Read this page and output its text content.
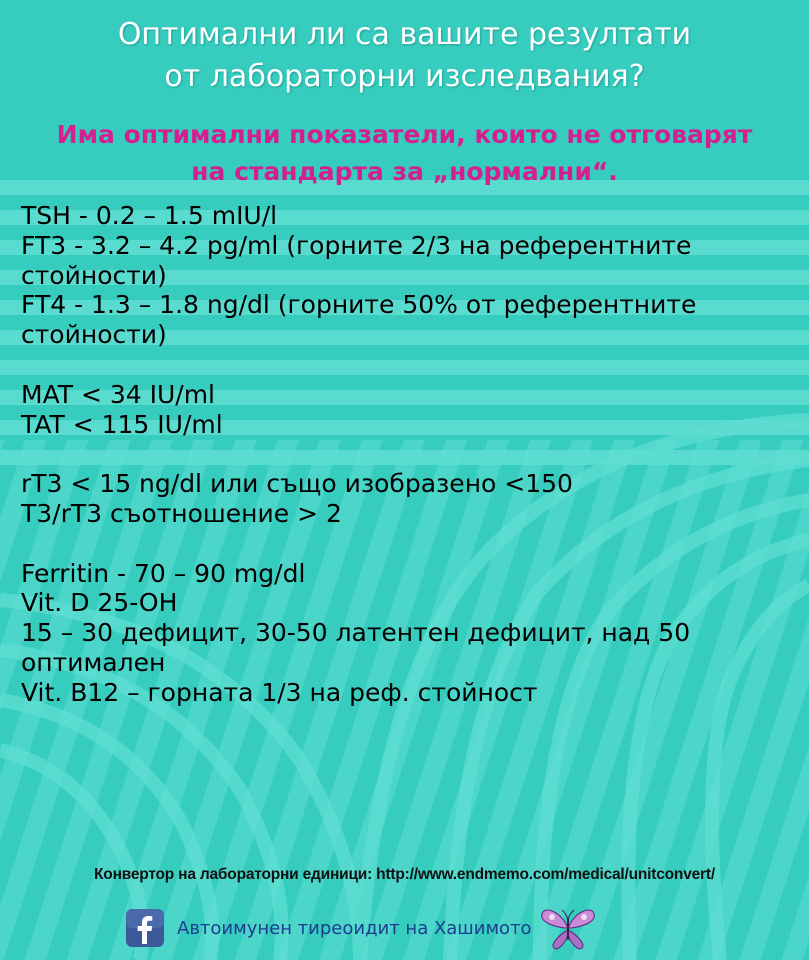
Оптимални ли са вашите резултати
от лабораторни изследвания?
Има оптимални показатели, които не отговарят
на стандарта за „нормални“.
TSH - 0.2 – 1.5 mIU/l
FT3 - 3.2 – 4.2 pg/ml (горните 2/3 на референтните
стойности)
FT4 - 1.3 – 1.8 ng/dl (горните 50% от референтните
стойности)
MAT < 34 IU/ml
TAT < 115 IU/ml
rT3 < 15 ng/dl или също изобразено <150
T3/rT3 съотношение > 2
Ferritin - 70 – 90 mg/dl
Vit. D 25-OH
15 – 30 дефицит, 30-50 латентен дефицит, над 50
оптимален
Vit. B12 – горната 1/3 на реф. стойност
Конвертор на лабораторни единици: http://www.endmemo.com/medical/unitconvert/
Автоимунен тиреоидит на Хашимото
